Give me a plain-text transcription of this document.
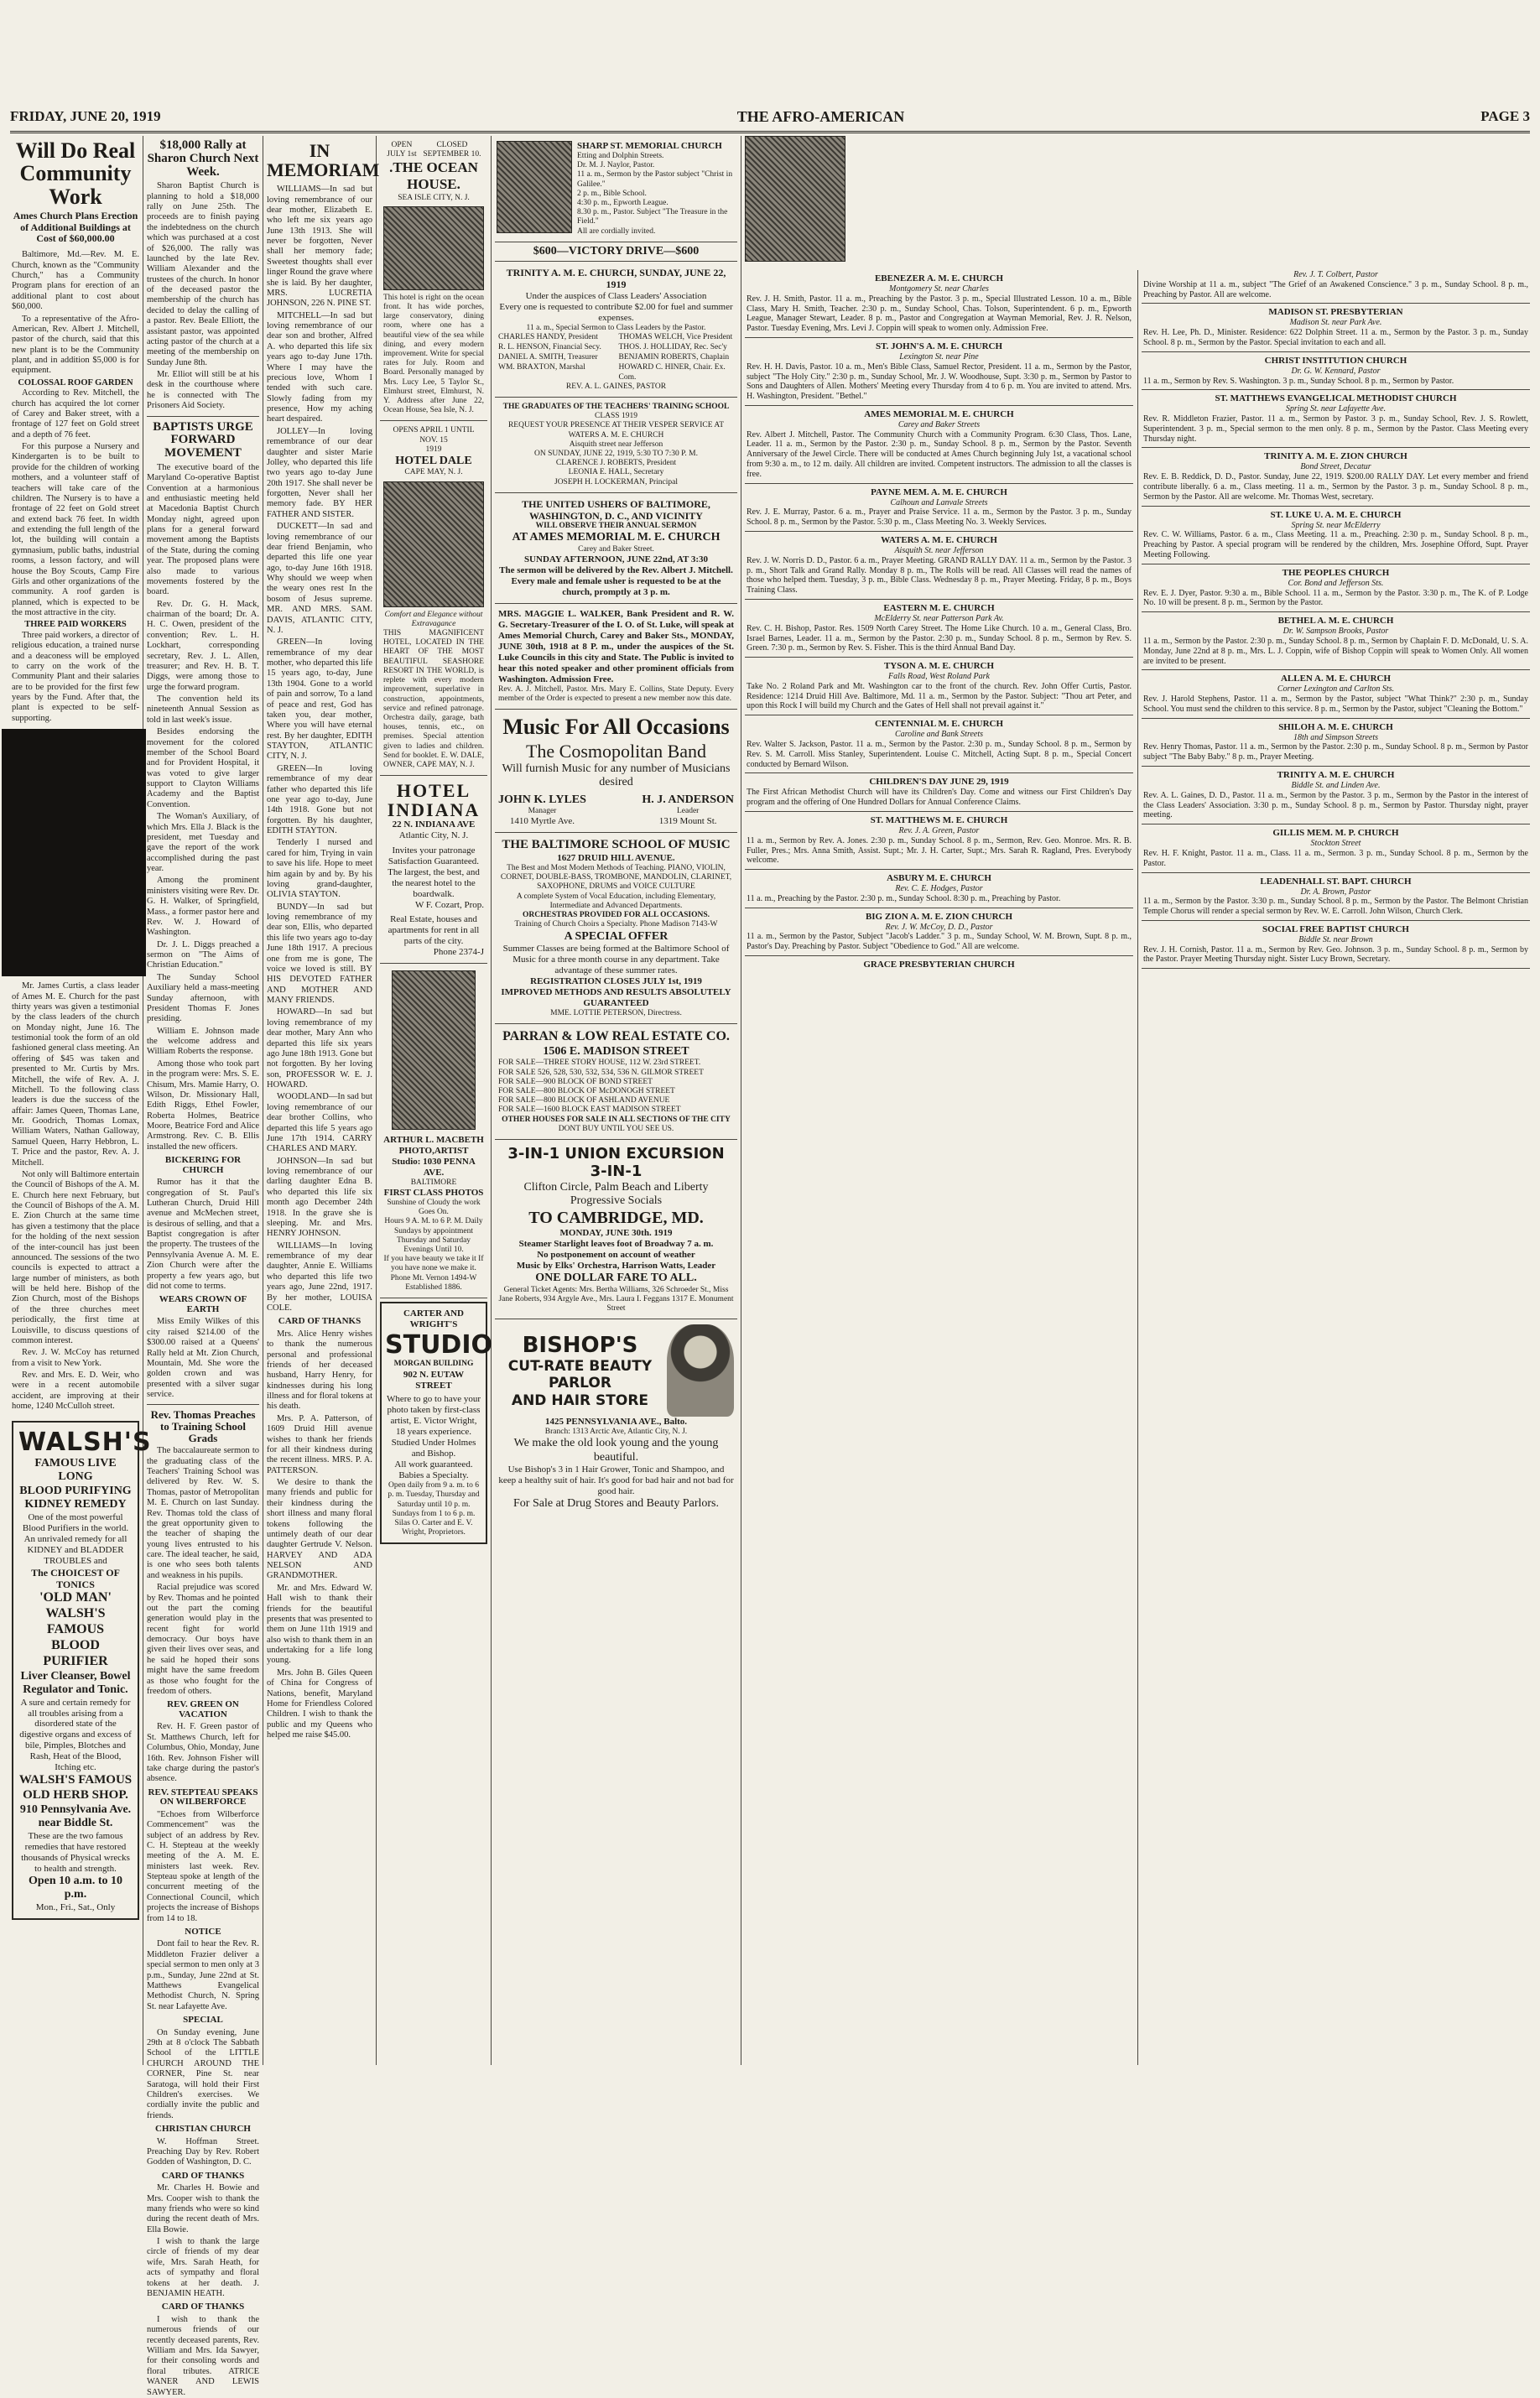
FRIDAY, JUNE 20, 1919	THE AFRO-AMERICAN	PAGE 3
Will Do Real Community Work
Ames Church Plans Erection of Additional Buildings at Cost of $60,000.00

Baltimore, Md.—Rev. M. E. Church, known as the "Community Church," has a Community Program plans for erection of an additional plant to cost about $60,000.

To a representative of the Afro-American, Rev. Albert J. Mitchell, pastor of the church, said that this new plant is to be the Community plant, and in addition $5,000 is for equipment.

COLOSSAL ROOF GARDEN

According to Rev. Mitchell, the church has acquired the lot corner of Carey and Baker street, with a frontage of 127 feet on Gold street and a depth of 76 feet.

For this purpose a Nursery and Kindergarten is to be built to provide for the children of working mothers, and a volunteer staff of teachers will take care of the children. The Nursery is to have a frontage of 22 feet on Gold street and extend back 76 feet. In width and extending the full length of the lot, the building will contain a gymnasium, public baths, industrial rooms, a lesson factory, and will house the Boy Scouts, Camp Fire Girls and other organizations of the community. A roof garden is planned, which is expected to be the most attractive in the city.

THREE PAID WORKERS

Three paid workers, a director of religious education, a trained nurse and a deaconess will be employed to carry on the work of the Community Plant and their salaries are to be provided for the first few years by the Fund. After that, the plant is expected to be self-supporting.

Mr. James Curtis, a class leader of Ames M. E. Church for the past thirty years was given a testimonial by the class leaders of the church on Monday night, June 16. The testimonial took the form of an old fashioned general class meeting. An offering of $45 was taken and presented to Mr. Curtis by Mrs. Mitchell, the wife of Rev. A. J. Mitchell. To the following class leaders is due the success of the affair: James Queen, Thomas Lane, Mr. Goodrich, Thomas Lomax, William Waters, Nathan Galloway, Samuel Queen, Harry Hebbron, L. T. Price and the pastor, Rev. A. J. Mitchell.

Not only will Baltimore entertain the Council of Bishops of the A. M. E. Church here next February, but the Council of Bishops of the A. M. E. Zion Church at the same time has given a testimony that the place for the holding of the next session of the inter-council has just been announced. The sessions of the two councils is expected to attract a large number of ministers, as both will be held here. Bishop of the Zion Church, most of the Bishops of the three churches meet periodically, the first time at Louisville, to discuss questions of common interest.

Rev. J. W. McCoy has returned from a visit to New York.

Rev. and Mrs. E. D. Weir, who were in a recent automobile accident, are improving at their home, 1240 McCulloh street.

WALSH'S
FAMOUS LIVE LONG
BLOOD PURIFYING
KIDNEY REMEDY
One of the most powerful Blood Purifiers in the world. An unrivaled remedy for all KIDNEY and BLADDER TROUBLES and
The CHOICEST OF TONICS
'OLD MAN' WALSH'S FAMOUS
BLOOD PURIFIER
Liver Cleanser, Bowel Regulator and Tonic.
A sure and certain remedy for all troubles arising from a disordered state of the digestive organs and excess of bile, Pimples, Blotches and Rash, Heat of the Blood, Itching etc.
WALSH'S FAMOUS OLD HERB SHOP.
910 Pennsylvania Ave. near Biddle St.
These are the two famous remedies that have restored thousands of Physical wrecks to health and strength.
Open 10 a.m. to 10 p.m.
Mon., Fri., Sat., Only
$18,000 Rally at Sharon Church Next Week.

Sharon Baptist Church is planning to hold a $18,000 rally on June 25th. The proceeds are to finish paying the indebtedness on the church which was purchased at a cost of $26,000. The rally was launched by the late Rev. William Alexander and the trustees of the church. In honor of the deceased pastor the membership of the church has decided to delay the calling of a pastor. Rev. Beale Elliott, the assistant pastor, was appointed acting pastor of the church at a meeting of the membership on Sunday June 8th.

Mr. Elliot will still be at his desk in the courthouse where he is connected with The Prisoners Aid Society.

BAPTISTS URGE FORWARD MOVEMENT

The executive board of the Maryland Co-operative Baptist Convention at a harmonious and enthusiastic meeting held at Macedonia Baptist Church Monday night, agreed upon plans for a general forward movement among the Baptists of the State, during the coming year. The proposed plans were also made to various movements fostered by the board.

Rev. Dr. G. H. Mack, chairman of the board; Dr. A. H. C. Owen, president of the convention; Rev. L. H. Lockhart, corresponding secretary, Rev. J. L. Allen, treasurer; and Rev. H. B. T. Diggs, were among those to urge the forward program.

The convention held its nineteenth Annual Session as told in last week's issue.

Besides endorsing the movement for the colored member of the School Board and for Provident Hospital, it was voted to give larger support to Clayton Williams Academy and the Baptist Convention.

The Woman's Auxiliary, of which Mrs. Ella J. Black is the president, met Tuesday and gave the report of the work accomplished during the past year.

Among the prominent ministers visiting were Rev. Dr. G. H. Walker, of Springfield, Mass., a former pastor here and Rev. W. J. Howard of Washington.

Dr. J. L. Diggs preached a sermon on "The Aims of Christian Education."

The Sunday School Auxiliary held a mass-meeting Sunday afternoon, with President Thomas F. Jones presiding.

William E. Johnson made the welcome address and William Roberts the response.

Among those who took part in the program were: Mrs. S. E. Chisum, Mrs. Mamie Harry, O. Wilson, Dr. Missionary Hall, Edith Riggs, Ethel Fowler, Roberta Holmes, Beatrice Moore, Beatrice Ford and Alice Armstrong. Rev. C. B. Ellis installed the new officers.

BICKERING FOR CHURCH

Rumor has it that the congregation of St. Paul's Lutheran Church, Druid Hill avenue and McMechen street, is desirous of selling, and that a Baptist congregation is after the property. The trustees of the Pennsylvania Avenue A. M. E. Zion Church were after the property a few years ago, but did not come to terms.

WEARS CROWN OF EARTH

Miss Emily Wilkes of this city raised $214.00 of the $300.00 raised at a Queens' Rally held at Mt. Zion Church, Mountain, Md. She wore the golden crown and was presented with a silver sugar service.

Rev. Thomas Preaches to Training School Grads

The baccalaureate sermon to the graduating class of the Teachers' Training School was delivered by Rev. W. S. Thomas, pastor of Metropolitan M. E. Church on last Sunday. Rev. Thomas told the class of the great opportunity given to the teacher of shaping the young lives entrusted to his care. The ideal teacher, he said, is one who sees both talents and weakness in his pupils.

Racial prejudice was scored by Rev. Thomas and he pointed out the part the coming generation would play in the recent fight for world democracy. Our boys have given their lives over seas, and he said he hoped their sons might have the same freedom as those who fought for the freedom of others.

REV. GREEN ON VACATION

Rev. H. F. Green pastor of St. Matthews Church, left for Columbus, Ohio, Monday, June 16th. Rev. Johnson Fisher will take charge during the pastor's absence.

REV. STEPTEAU SPEAKS ON WILBERFORCE

"Echoes from Wilberforce Commencement" was the subject of an address by Rev. C. H. Stepteau at the weekly meeting of the A. M. E. ministers last week. Rev. Stepteau spoke at length of the concurrent meeting of the Connectional Council, which projects the increase of Bishops from 14 to 18.

NOTICE

Dont fail to hear the Rev. R. Middleton Frazier deliver a special sermon to men only at 3 p.m., Sunday, June 22nd at St. Matthews Evangelical Methodist Church, N. Spring St. near Lafayette Ave.

SPECIAL

On Sunday evening, June 29th at 8 o'clock The Sabbath School of the LITTLE CHURCH AROUND THE CORNER, Pine St. near Saratoga, will hold their First Children's exercises. We cordially invite the public and friends.

CHRISTIAN CHURCH

W. Hoffman Street. Preaching Day by Rev. Robert Godden of Washington, D. C.

CARD OF THANKS

Mr. Charles H. Bowie and Mrs. Cooper wish to thank the many friends who were so kind during the recent death of Mrs. Ella Bowie.

I wish to thank the large circle of friends of my dear wife, Mrs. Sarah Heath, for acts of sympathy and floral tokens at her death. J. BENJAMIN HEATH.

CARD OF THANKS

I wish to thank the numerous friends of our recently deceased parents, Rev. William and Mrs. Ida Sawyer, for their consoling words and floral tributes. ATRICE WANER AND LEWIS SAWYER.

IN MEMORIAM

WILLIAMS—In sad but loving remembrance of our dear mother, Elizabeth E. who left me six years ago June 13th 1913. She will never be forgotten, Never shall her memory fade; Sweetest thoughts shall ever linger Round the grave where she is laid. By her daughter, MRS. LUCRETIA JOHNSON, 226 N. PINE ST.

MITCHELL—In sad but loving remembrance of our dear son and brother, Alfred A. who departed this life six years ago to-day June 17th. Where I may have the precious love, Whom I tended with such care. Slowly fading from my presence, How my aching heart despaired.

JOLLEY—In loving remembrance of our dear daughter and sister Marie Jolley, who departed this life two years ago to-day June 20th 1917. She shall never be forgotten, Never shall her memory fade. BY HER FATHER AND SISTER.

DUCKETT—In sad and loving remembrance of our dear friend Benjamin, who departed this life one year ago, to-day June 16th 1918. Why should we weep when the weary ones rest In the bosom of Jesus supreme. MR. AND MRS. SAM. DAVIS, ATLANTIC CITY, N. J.

GREEN—In loving remembrance of my dear mother, who departed this life 15 years ago, to-day, June 13th 1904. Gone to a world of pain and sorrow, To a land of peace and rest, God has taken you, dear mother, Where you will have eternal rest. By her daughter, EDITH STAYTON, ATLANTIC CITY, N. J.

GREEN—In loving remembrance of my dear father who departed this life one year ago to-day, June 14th 1918. Gone but not forgotten. By his daughter, EDITH STAYTON.

Tenderly I nursed and cared for him, Trying in vain to save his life. Hope to meet him again by and by. By his loving grand-daughter, OLIVIA STAYTON.

BUNDY—In sad but loving remembrance of my dear son, Ellis, who departed this life two years ago to-day June 18th 1917. A precious one from me is gone, The voice we loved is still. BY HIS DEVOTED FATHER AND MOTHER AND MANY FRIENDS.

HOWARD—In sad but loving remembrance of my dear mother, Mary Ann who departed this life six years ago June 18th 1913. Gone but not forgotten. By her loving son, PROFESSOR W. E. J. HOWARD.

WOODLAND—In sad but loving remembrance of our dear brother Collins, who departed this life 5 years ago June 17th 1914. CARRY CHARLES AND MARY.

JOHNSON—In sad but loving remembrance of our darling daughter Edna B. who departed this life six month ago December 24th 1918. In the grave she is sleeping. Mr. and Mrs. HENRY JOHNSON.

WILLIAMS—In loving remembrance of my dear daughter, Annie E. Williams who departed this life two years ago, June 22nd, 1917. By her mother, LOUISA COLE.

CARD OF THANKS

Mrs. Alice Henry wishes to thank the numerous personal and professional friends of her deceased husband, Harry Henry, for kindnesses during his long illness and for floral tokens at his death.

Mrs. P. A. Patterson, of 1609 Druid Hill avenue wishes to thank her friends for all their kindness during the recent illness. MRS. P. A. PATTERSON.

We desire to thank the many friends and public for their kindness during the short illness and many floral tokens following the untimely death of our dear daughter Gertrude V. Nelson. HARVEY AND ADA NELSON AND GRANDMOTHER.

Mr. and Mrs. Edward W. Hall wish to thank their friends for the beautiful presents that was presented to them on June 11th 1919 and also wish to thank them in an undertaking for a life long young.

Mrs. John B. Giles Queen of China for Congress of Nations, benefit, Maryland Home for Friendless Colored Children. I wish to thank the public and my Queens who helped me raise $45.00.

OPEN JULY 1st
CLOSED SEPTEMBER 10.
.THE OCEAN HOUSE.
SEA ISLE CITY, N. J.
This hotel is right on the ocean front. It has wide porches, large conservatory, dining room, where one has a beautiful view of the sea while dining, and every modern improvement. Write for special rates for July. Room and Board. Personally managed by Mrs. Lucy Lee, 5 Taylor St., Elmhurst street, Elmhurst, N. Y. Address after June 22, Ocean House, Sea Isle, N. J.
OPENS APRIL 1 UNTIL NOV. 15
1919
HOTEL DALE
CAPE MAY, N. J.
Comfort and Elegance without Extravagance
THIS MAGNIFICENT HOTEL, LOCATED IN THE HEART OF THE MOST BEAUTIFUL SEASHORE RESORT IN THE WORLD, is replete with every modern improvement, superlative in construction, appointments, service and refined patronage. Orchestra daily, garage, bath houses, tennis, etc., on premises. Special attention given to ladies and children. Send for booklet. E. W. DALE, OWNER, CAPE MAY, N. J.
HOTEL INDIANA
22 N. INDIANA AVE
Atlantic City, N. J.
Invites your patronage
Satisfaction Guaranteed.
The largest, the best, and the nearest hotel to the boardwalk.
W F. Cozart, Prop.
Real Estate, houses and apartments for rent in all parts of the city.
Phone 2374-J
ARTHUR L. MACBETH
PHOTO,ARTIST
Studio: 1030 PENNA AVE.
BALTIMORE
FIRST CLASS PHOTOS
Sunshine of Cloudy the work Goes On.
Hours 9 A. M. to 6 P. M. Daily Sundays by appointment Thursday and Saturday Evenings Until 10.
If you have beauty we take it If you have none we make it.
Phone Mt. Vernon 1494-W
Established 1886.
CARTER AND WRIGHT'S
STUDIO
MORGAN BUILDING
902 N. EUTAW STREET
Where to go to have your photo taken by first-class artist, E. Victor Wright, 18 years experience.
Studied Under Holmes and Bishop.
All work guaranteed. Babies a Specialty.
Open daily from 9 a. m. to 6 p. m. Tuesday, Thursday and Saturday until 10 p. m.
Sundays from 1 to 6 p. m.
Silas O. Carter and E. V. Wright, Proprietors.
SHARP ST. MEMORIAL CHURCH
Etting and Dolphin Streets.
Dr. M. J. Naylor, Pastor.
11 a. m., Sermon by the Pastor subject "Christ in Galilee."
2 p. m., Bible School.
4:30 p. m., Epworth League.
8.30 p. m., Pastor. Subject "The Treasure in the Field."
All are cordially invited.
$600—VICTORY DRIVE—$600
TRINITY A. M. E. CHURCH, SUNDAY, JUNE 22, 1919
Under the auspices of Class Leaders' Association
Every one is requested to contribute $2.00 for fuel and summer expenses.
11 a. m., Special Sermon to Class Leaders by the Pastor.
CHARLES HANDY, President	THOMAS WELCH, Vice President
R. L. HENSON, Financial Secy.	THOS. J. HOLLIDAY, Rec. Sec'y
DANIEL A. SMITH, Treasurer	BENJAMIN ROBERTS, Chaplain
WM. BRAXTON, Marshal	HOWARD C. HINER, Chair. Ex. Com.
REV. A. L. GAINES, PASTOR
THE GRADUATES OF THE TEACHERS' TRAINING SCHOOL
CLASS 1919
REQUEST YOUR PRESENCE AT THEIR VESPER SERVICE AT WATERS A. M. E. CHURCH
Aisquith street near Jefferson
ON SUNDAY, JUNE 22, 1919, 5:30 TO 7:30 P. M.
CLARENCE J. ROBERTS, President
LEONIA E. HALL, Secretary
JOSEPH H. LOCKERMAN, Principal
THE UNITED USHERS OF BALTIMORE, WASHINGTON, D. C., AND VICINITY
WILL OBSERVE THEIR ANNUAL SERMON
AT AMES MEMORIAL M. E. CHURCH
Carey and Baker Street.
SUNDAY AFTERNOON, JUNE 22nd, AT 3:30
The sermon will be delivered by the Rev. Albert J. Mitchell. Every male and female usher is requested to be at the church, promptly at 3 p. m.
MRS. MAGGIE L. WALKER, Bank President and R. W. G. Secretary-Treasurer of the I. O. of St. Luke, will speak at Ames Memorial Church, Carey and Baker Sts., MONDAY, JUNE 30th, 1918 at 8 P. m., under the auspices of the St. Luke Councils in this city and State. The Public is invited to hear this noted speaker and other prominent officials from Washington. Admission Free.
Rev. A. J. Mitchell, Pastor. Mrs. Mary E. Collins, State Deputy. Every member of the Order is expected to present a new member now this date.
Music For All Occasions
The Cosmopolitan Band
Will furnish Music for any number of Musicians desired
JOHN K. LYLES
Manager
1410 Myrtle Ave.
H. J. ANDERSON
Leader
1319 Mount St.
THE BALTIMORE SCHOOL OF MUSIC
1627 DRUID HILL AVENUE.
The Best and Most Modern Methods of Teaching. PIANO, VIOLIN, CORNET, DOUBLE-BASS, TROMBONE, MANDOLIN, CLARINET, SAXOPHONE, DRUMS and VOICE CULTURE
A complete System of Vocal Education, including Elementary, Intermediate and Advanced Departments.
ORCHESTRAS PROVIDED FOR ALL OCCASIONS.
Training of Church Choirs a Specialty. Phone Madison 7143-W
A SPECIAL OFFER
Summer Classes are being formed at the Baltimore School of Music for a three month course in any department. Take advantage of these summer rates.
REGISTRATION CLOSES JULY 1st, 1919
IMPROVED METHODS AND RESULTS ABSOLUTELY GUARANTEED
MME. LOTTIE PETERSON, Directress.
PARRAN & LOW REAL ESTATE CO.
1506 E. MADISON STREET
FOR SALE—THREE STORY HOUSE, 112 W. 23rd STREET.
FOR SALE 526, 528, 530, 532, 534, 536 N. GILMOR STREET
FOR SALE—900 BLOCK OF BOND STREET
FOR SALE—800 BLOCK OF McDONOGH STREET
FOR SALE—800 BLOCK OF ASHLAND AVENUE
FOR SALE—1600 BLOCK EAST MADISON STREET
OTHER HOUSES FOR SALE IN ALL SECTIONS OF THE CITY
DONT BUY UNTIL YOU SEE US.
3-IN-1 UNION EXCURSION 3-IN-1
Clifton Circle, Palm Beach and Liberty Progressive Socials
TO CAMBRIDGE, MD.
MONDAY, JUNE 30th. 1919
Steamer Starlight leaves foot of Broadway 7 a. m.
No postponement on account of weather
Music by Elks' Orchestra, Harrison Watts, Leader
ONE DOLLAR FARE TO ALL.
General Ticket Agents: Mrs. Bertha Williams, 326 Schroeder St., Miss Jane Roberts, 934 Argyle Ave., Mrs. Laura I. Feggans 1317 E. Monument Street
BISHOP'S
CUT-RATE BEAUTY PARLOR
AND HAIR STORE
1425 PENNSYLVANIA AVE., Balto.
Branch: 1313 Arctic Ave, Atlantic City, N. J.
We make the old look young and the young beautiful.
Use Bishop's 3 in 1 Hair Grower, Tonic and Shampoo, and keep a healthy suit of hair. It's good for bad hair and not bad for good hair.
For Sale at Drug Stores and Beauty Parlors.
EBENEZER A. M. E. CHURCH
Montgomery St. near Charles
Rev. J. H. Smith, Pastor. 11 a. m., Preaching by the Pastor. 3 p. m., Special Illustrated Lesson. 10 a. m., Bible Class, Mary H. Smith, Teacher. 2:30 p. m., Sunday School, Chas. Tolson, Superintendent. 6 p. m., Epworth League, Manager Stewart, Leader. 8 p. m., Pastor and Congregation at Wayman Memorial, Rev. J. R. Nelson, Pastor. Tuesday Evening, Mrs. Levi J. Coppin will speak to women only. Admission Free.
ST. JOHN'S A. M. E. CHURCH
Lexington St. near Pine
Rev. H. H. Davis, Pastor. 10 a. m., Men's Bible Class, Samuel Rector, President. 11 a. m., Sermon by the Pastor, subject "The Holy City." 2:30 p. m., Sunday School, Mr. J. W. Woodhouse, Supt. 3:30 p. m., Sermon by Pastor to Sons and Daughters of Allen. Mothers' Meeting every Thursday from 4 to 6 p. m. You are invited to attend. Mrs. H. Washington, President. "Bethel."
AMES MEMORIAL M. E. CHURCH
Carey and Baker Streets
Rev. Albert J. Mitchell, Pastor. The Community Church with a Community Program. 6:30 Class, Thos. Lane, Leader. 11 a. m., Sermon by the Pastor. 2:30 p. m., Sunday School. 8 p. m., Sermon by the Pastor. Seventh Anniversary of the Jewel Circle. There will be conducted at Ames Church beginning July 1st, a vacational school from 9:30 a. m., to 12 m. daily. All children are invited. Competent instructors. The admission to all the classes is free.
PAYNE MEM. A. M. E. CHURCH
Calhoun and Lanvale Streets
Rev. J. E. Murray, Pastor. 6 a. m., Prayer and Praise Service. 11 a. m., Sermon by the Pastor. 3 p. m., Sunday School. 8 p. m., Sermon by the Pastor. 5:30 p. m., Class Meeting No. 3. Weekly Services.
WATERS A. M. E. CHURCH
Aisquith St. near Jefferson
Rev. J. W. Norris D. D., Pastor. 6 a. m., Prayer Meeting. GRAND RALLY DAY. 11 a. m., Sermon by the Pastor. 3 p. m., Short Talk and Grand Rally. Monday 8 p. m., The Rolls will be read. All Classes will read the names of those who helped them. Tuesday, 3 p. m., Bible Class. Wednesday 8 p. m., Prayer Meeting. Friday, 8 p. m., Boys Training Class.
EASTERN M. E. CHURCH
McElderry St. near Patterson Park Av.
Rev. C. H. Bishop, Pastor. Res. 1509 North Carey Street. The Home Like Church. 10 a. m., General Class, Bro. Israel Barnes, Leader. 11 a. m., Sermon by the Pastor. 2:30 p. m., Sunday School. 8 p. m., Sermon by Rev. S. Green. 7:30 p. m., Sermon by Rev. S. Fisher. This is the third Annual Band Day.
TYSON A. M. E. CHURCH
Falls Road, West Roland Park
Take No. 2 Roland Park and Mt. Washington car to the front of the church. Rev. John Offer Curtis, Pastor. Residence: 1214 Druid Hill Ave. Baltimore, Md. 11 a. m., Sermon by the Pastor. Subject: "Thou art Peter, and upon this Rock I will build my Church and the Gates of Hell shall not prevail against it."
CENTENNIAL M. E. CHURCH
Caroline and Bank Streets
Rev. Walter S. Jackson, Pastor. 11 a. m., Sermon by the Pastor. 2:30 p. m., Sunday School. 8 p. m., Sermon by Rev. S. M. Carroll. Miss Stanley, Superintendent. Louise C. Mitchell, Acting Supt. 8 p. m., Special Concert conducted by Bernard Wilson.
CHILDREN'S DAY JUNE 29, 1919
The First African Methodist Church will have its Children's Day. Come and witness our First Children's Day program and the offering of One Hundred Dollars for Annual Conference Claims.
ST. MATTHEWS M. E. CHURCH
Rev. J. A. Green, Pastor
11 a. m., Sermon by Rev. A. Jones. 2:30 p. m., Sunday School. 8 p. m., Sermon, Rev. Geo. Monroe. Mrs. R. B. Fuller, Pres.; Mrs. Anna Smith, Assist. Supt.; Mr. J. H. Carter, Supt.; Mrs. Sarah R. Ragland, Pres. Everybody welcome.
ASBURY M. E. CHURCH
Rev. C. E. Hodges, Pastor
11 a. m., Preaching by the Pastor. 2:30 p. m., Sunday School. 8:30 p. m., Preaching by Pastor.
BIG ZION A. M. E. ZION CHURCH
Rev. J. W. McCoy, D. D., Pastor
11 a. m., Sermon by the Pastor, Subject "Jacob's Ladder." 3 p. m., Sunday School, W. M. Brown, Supt. 8 p. m., Pastor's Day. Preaching by Pastor. Subject "Obedience to God." All are welcome.
GRACE PRESBYTERIAN CHURCH
Rev. J. T. Colbert, Pastor
Divine Worship at 11 a. m., subject "The Grief of an Awakened Conscience." 3 p. m., Sunday School. 8 p. m., Preaching by Pastor. All are welcome.
MADISON ST. PRESBYTERIAN
Madison St. near Park Ave.
Rev. H. Lee, Ph. D., Minister. Residence: 622 Dolphin Street. 11 a. m., Sermon by the Pastor. 3 p. m., Sunday School. 8 p. m., Sermon by the Pastor. Special invitation to each and all.
CHRIST INSTITUTION CHURCH
Dr. G. W. Kennard, Pastor
11 a. m., Sermon by Rev. S. Washington. 3 p. m., Sunday School. 8 p. m., Sermon by Pastor.
ST. MATTHEWS EVANGELICAL METHODIST CHURCH
Spring St. near Lafayette Ave.
Rev. R. Middleton Frazier, Pastor. 11 a. m., Sermon by Pastor. 3 p. m., Sunday School, Rev. J. S. Rowlett, Superintendent. 3 p. m., Special sermon to the men only. 8 p. m., Sermon by the Pastor. Class Meeting every Thursday night.
TRINITY A. M. E. ZION CHURCH
Bond Street, Decatur
Rev. E. B. Reddick, D. D., Pastor. Sunday, June 22, 1919. $200.00 RALLY DAY. Let every member and friend contribute liberally. 6 a. m., Class meeting. 11 a. m., Sermon by the Pastor. 3 p. m., Sunday School. 8 p. m., Sermon by the Pastor. All are welcome. Mr. Thomas West, secretary.
ST. LUKE U. A. M. E. CHURCH
Spring St. near McElderry
Rev. C. W. Williams, Pastor. 6 a. m., Class Meeting. 11 a. m., Preaching. 2:30 p. m., Sunday School. 8 p. m., Preaching by Pastor. A special program will be rendered by the children, Mrs. Josephine Offord, Supt. Prayer Meeting Following.
THE PEOPLES CHURCH
Cor. Bond and Jefferson Sts.
Rev. E. J. Dyer, Pastor. 9:30 a. m., Bible School. 11 a. m., Sermon by the Pastor. 3:30 p. m., The K. of P. Lodge No. 10 will be present. 8 p. m., Sermon by the Pastor.
BETHEL A. M. E. CHURCH
Dr. W. Sampson Brooks, Pastor
11 a. m., Sermon by the Pastor. 2:30 p. m., Sunday School. 8 p. m., Sermon by Chaplain F. D. McDonald, U. S. A. Monday, June 22nd at 8 p. m., Mrs. L. J. Coppin, wife of Bishop Coppin will speak to Women Only. All women are invited to be present.
ALLEN A. M. E. CHURCH
Corner Lexington and Carlton Sts.
Rev. J. Harold Stephens, Pastor. 11 a. m., Sermon by the Pastor, subject "What Think?" 2:30 p. m., Sunday School. You must send the children to this service. 8 p. m., Sermon by the Pastor, subject "Cleaning the Bottom."
SHILOH A. M. E. CHURCH
18th and Simpson Streets
Rev. Henry Thomas, Pastor. 11 a. m., Sermon by the Pastor. 2:30 p. m., Sunday School. 8 p. m., Sermon by Pastor subject "The Baby Baby." 8 p. m., Prayer Meeting.
TRINITY A. M. E. CHURCH
Biddle St. and Linden Ave.
Rev. A. L. Gaines, D. D., Pastor. 11 a. m., Sermon by the Pastor. 3 p. m., Sermon by the Pastor in the interest of the Class Leaders' Association. 3:30 p. m., Sunday School. 8 p. m., Sermon by Pastor. Thursday night, prayer meeting.
GILLIS MEM. M. P. CHURCH
Stockton Street
Rev. H. F. Knight, Pastor. 11 a. m., Class. 11 a. m., Sermon. 3 p. m., Sunday School. 8 p. m., Sermon by the Pastor.
LEADENHALL ST. BAPT. CHURCH
Dr. A. Brown, Pastor
11 a. m., Sermon by the Pastor. 3:30 p. m., Sunday School. 8 p. m., Sermon by the Pastor. The Belmont Christian Temple Chorus will render a special sermon by Rev. W. E. Carroll. John Wilson, Church Clerk.
SOCIAL FREE BAPTIST CHURCH
Biddle St. near Brown
Rev. J. H. Cornish, Pastor. 11 a. m., Sermon by Rev. Geo. Johnson. 3 p. m., Sunday School. 8 p. m., Sermon by the Pastor. Prayer Meeting Thursday night. Sister Lucy Brown, Secretary.
